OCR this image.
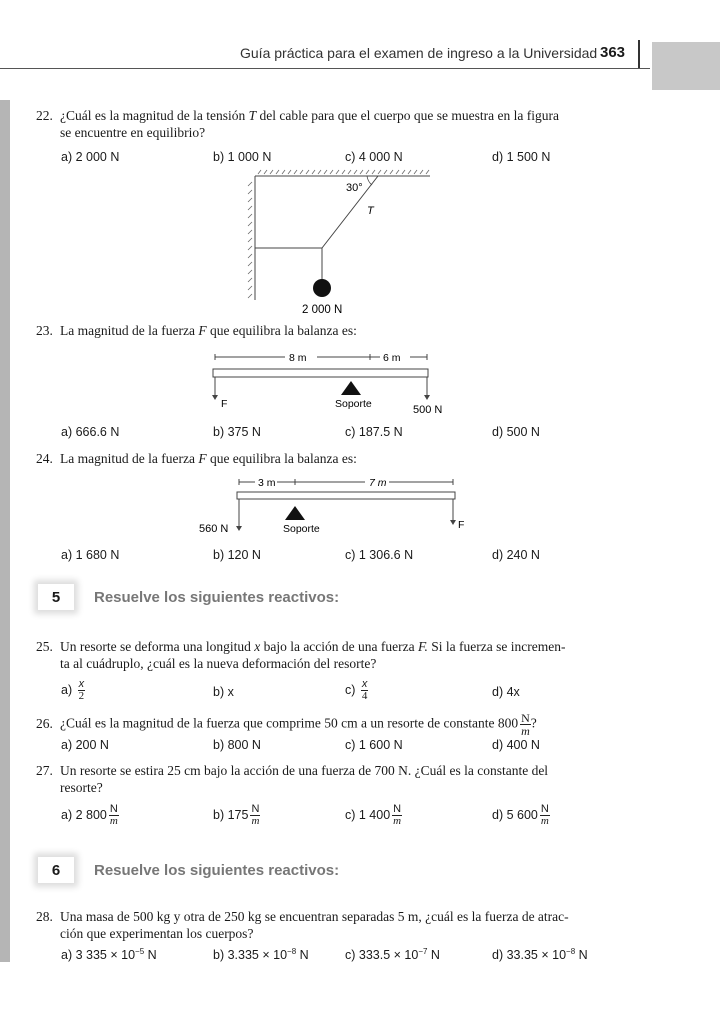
Guía práctica para el examen de ingreso a la Universidad 363
22. ¿Cuál es la magnitud de la tensión T del cable para que el cuerpo que se muestra en la figura
se encuentre en equilibrio?
a) 2 000 N	b) 1 000 N	c) 4 000 N	d) 1 500 N
30°
T
2 000 N
23. La magnitud de la fuerza F que equilibra la balanza es:
8 m	6 m
F	Soporte	500 N
a) 666.6 N	b) 375 N	c) 187.5 N	d) 500 N
24. La magnitud de la fuerza F que equilibra la balanza es:
3 m	7 m
560 N	Soporte	F
a) 1 680 N	b) 120 N	c) 1 306.6 N	d) 240 N
5	Resuelve los siguientes reactivos:
25. Un resorte se deforma una longitud x bajo la acción de una fuerza F. Si la fuerza se incremen-
ta al cuádruplo, ¿cuál es la nueva deformación del resorte?
$a) \frac{x}{2}$	b) x	$c) \frac{x}{4}$	d) 4x
26. ¿Cuál es la magnitud de la fuerza que comprime 50 cm a un resorte de constante $800 \frac{N}{m}$ ?
a) 200 N	b) 800 N	c) 1 600 N	d) 400 N
27. Un resorte se estira 25 cm bajo la acción de una fuerza de 700 N. ¿Cuál es la constante del
resorte?
a) 2 $800 \frac{N}{m}$	b) $175 \frac{N}{m}$	c) 1 $400 \frac{N}{m}$	d) 5 $600 \frac{N}{m}$
6	Resuelve los siguientes reactivos:
28. Una masa de 500 kg y otra de 250 kg se encuentran separadas 5 m, ¿cuál es la fuerza de atrac-
ción que experimentan los cuerpos?
a) 3 $335 \times 10^{-5}$ N	b) $3.335 \times 10^{-8}$ N	c) $333.5 \times 10^{-7}$ N	d) $33.35 \times 10^{-8}$ N
